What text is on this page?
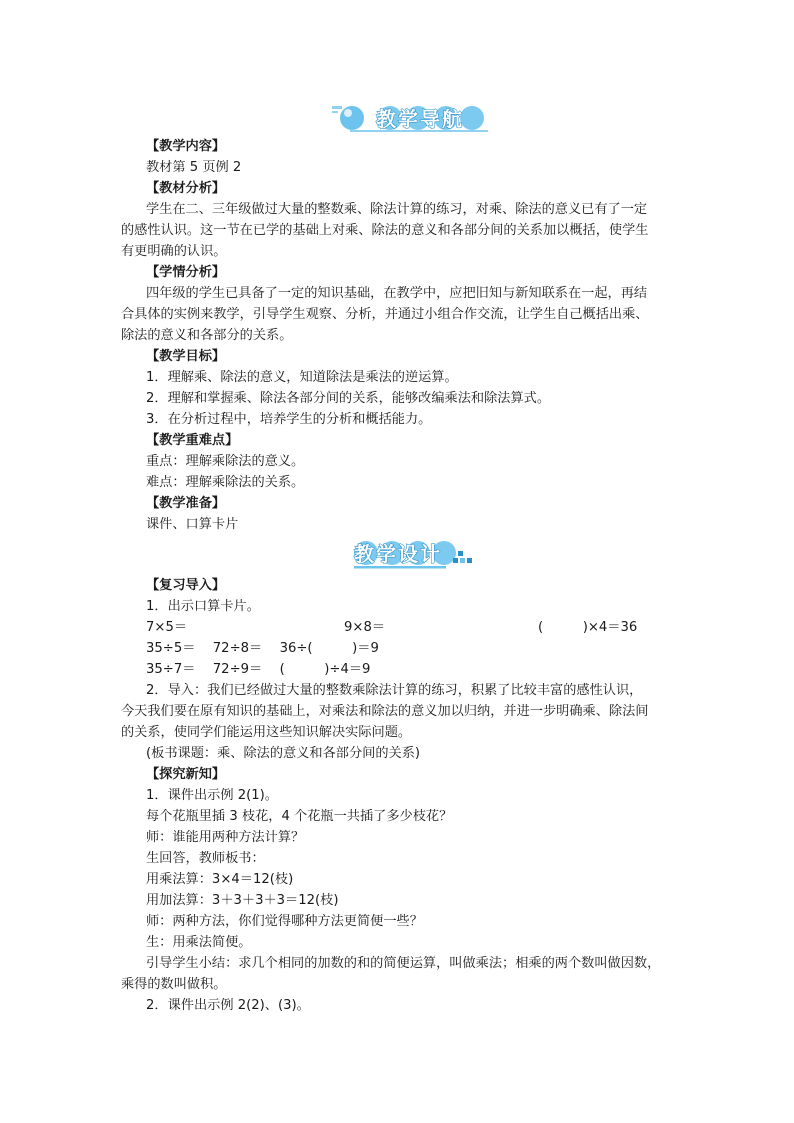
教学导航
【教学内容】
教材第 5 页例 2
【教材分析】
学生在二、三年级做过大量的整数乘、除法计算的练习，对乘、除法的意义已有了一定
的感性认识。这一节在已学的基础上对乘、除法的意义和各部分间的关系加以概括，使学生
有更明确的认识。
【学情分析】
四年级的学生已具备了一定的知识基础，在教学中，应把旧知与新知联系在一起，再结
合具体的实例来教学，引导学生观察、分析，并通过小组合作交流，让学生自己概括出乘、
除法的意义和各部分的关系。
【教学目标】
1．理解乘、除法的意义，知道除法是乘法的逆运算。
2．理解和掌握乘、除法各部分间的关系，能够改编乘法和除法算式。
3．在分析过程中，培养学生的分析和概括能力。
【教学重难点】
重点：理解乘除法的意义。
难点：理解乘除法的关系。
【教学准备】
课件、口算卡片
教学设计
【复习导入】
1．出示口算卡片。
7×5＝	9×8＝	(　　　)×4＝36
35÷5＝　 72÷8＝　 36÷(　　　)＝9
35÷7＝　 72÷9＝　 (　　　)÷4＝9
2．导入：我们已经做过大量的整数乘除法计算的练习，积累了比较丰富的感性认识，
今天我们要在原有知识的基础上，对乘法和除法的意义加以归纳，并进一步明确乘、除法间
的关系，使同学们能运用这些知识解决实际问题。
(板书课题：乘、除法的意义和各部分间的关系)
【探究新知】
1．课件出示例 2(1)。
每个花瓶里插 3 枝花，4 个花瓶一共插了多少枝花？
师：谁能用两种方法计算？
生回答，教师板书：
用乘法算：3×4＝12(枝)
用加法算：3＋3＋3＋3＝12(枝)
师：两种方法，你们觉得哪种方法更简便一些？
生：用乘法简便。
引导学生小结：求几个相同的加数的和的简便运算，叫做乘法；相乘的两个数叫做因数，
乘得的数叫做积。
2．课件出示例 2(2)、(3)。
